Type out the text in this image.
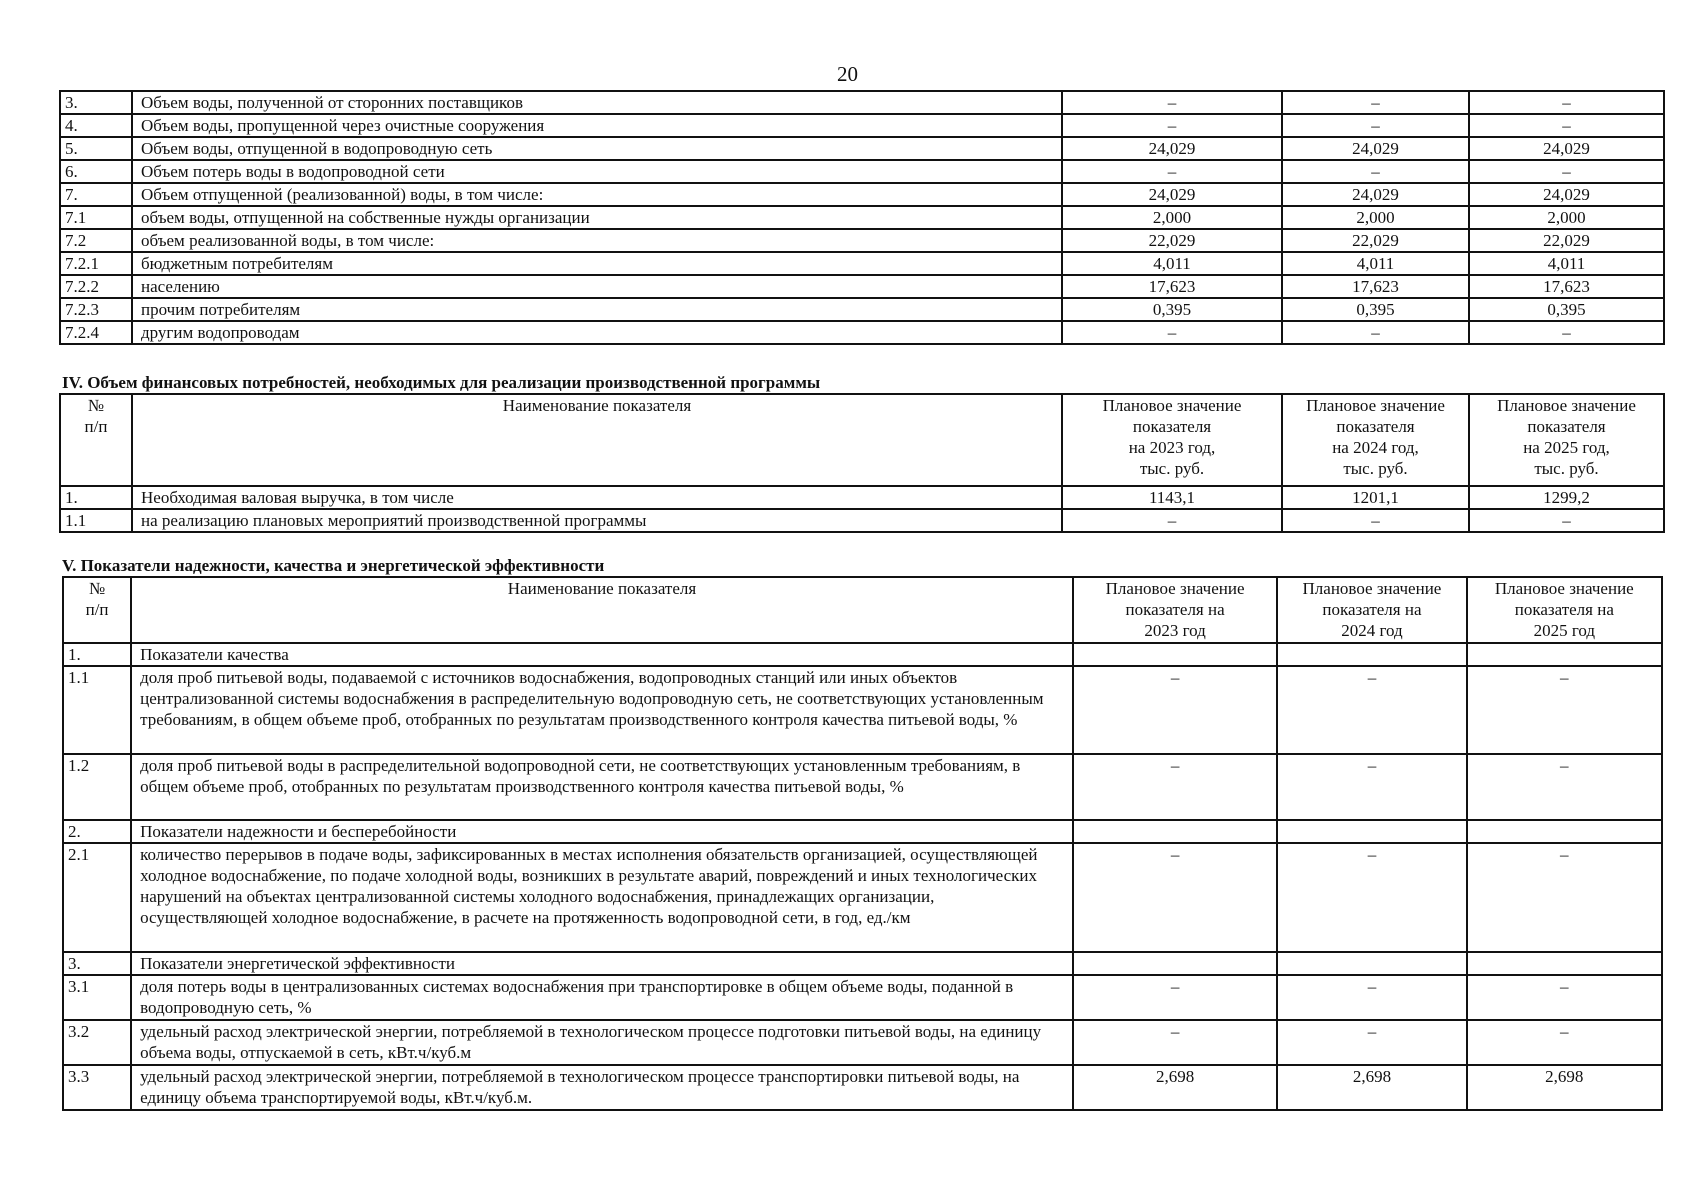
20
3.	Объем воды, полученной от сторонних поставщиков	–	–	–
4.	Объем воды, пропущенной через очистные сооружения	–	–	–
5.	Объем воды, отпущенной в водопроводную сеть	24,029	24,029	24,029
6.	Объем потерь воды в водопроводной сети	–	–	–
7.	Объем отпущенной (реализованной) воды, в том числе:	24,029	24,029	24,029
7.1	объем воды, отпущенной на собственные нужды организации	2,000	2,000	2,000
7.2	объем реализованной воды, в том числе:	22,029	22,029	22,029
7.2.1	бюджетным потребителям	4,011	4,011	4,011
7.2.2	населению	17,623	17,623	17,623
7.2.3	прочим потребителям	0,395	0,395	0,395
7.2.4	другим водопроводам	–	–	–
IV. Объем финансовых потребностей, необходимых для реализации производственной программы
№
п/п	Наименование показателя	Плановое значение
показателя
на 2023 год,
тыс. руб.	Плановое значение
показателя
на 2024 год,
тыс. руб.	Плановое значение
показателя
на 2025 год,
тыс. руб.
1.	Необходимая валовая выручка, в том числе	1143,1	1201,1	1299,2
1.1	на реализацию плановых мероприятий производственной программы	–	–	–
V. Показатели надежности, качества и энергетической эффективности
№
п/п	Наименование показателя	Плановое значение
показателя на
2023 год	Плановое значение
показателя на
2024 год	Плановое значение
показателя на
2025 год
1.	Показатели качества			
1.1	доля проб питьевой воды, подаваемой с источников водоснабжения, водопроводных станций или иных объектов централизованной системы водоснабжения в распределительную водопроводную сеть, не соответствующих установленным требованиям, в общем объеме проб, отобранных по результатам производственного контроля качества питьевой воды, %	–	–	–
1.2	доля проб питьевой воды в распределительной водопроводной сети, не соответствующих установленным требованиям, в общем объеме проб, отобранных по результатам производственного контроля качества питьевой воды, %	–	–	–
2.	Показатели надежности и бесперебойности			
2.1	количество перерывов в подаче воды, зафиксированных в местах исполнения обязательств организацией, осуществляющей холодное водоснабжение, по подаче холодной воды, возникших в результате аварий, повреждений и иных технологических нарушений на объектах централизованной системы холодного водоснабжения, принадлежащих организации, осуществляющей холодное водоснабжение, в расчете на протяженность водопроводной сети, в год, ед./км	–	–	–
3.	Показатели энергетической эффективности			
3.1	доля потерь воды в централизованных системах водоснабжения при транспортировке в общем объеме воды, поданной в водопроводную сеть, %	–	–	–
3.2	удельный расход электрической энергии, потребляемой в технологическом процессе подготовки питьевой воды, на единицу объема воды, отпускаемой в сеть, кВт.ч/куб.м	–	–	–
3.3	удельный расход электрической энергии, потребляемой в технологическом процессе транспортировки питьевой воды, на единицу объема транспортируемой воды, кВт.ч/куб.м.	2,698	2,698	2,698
